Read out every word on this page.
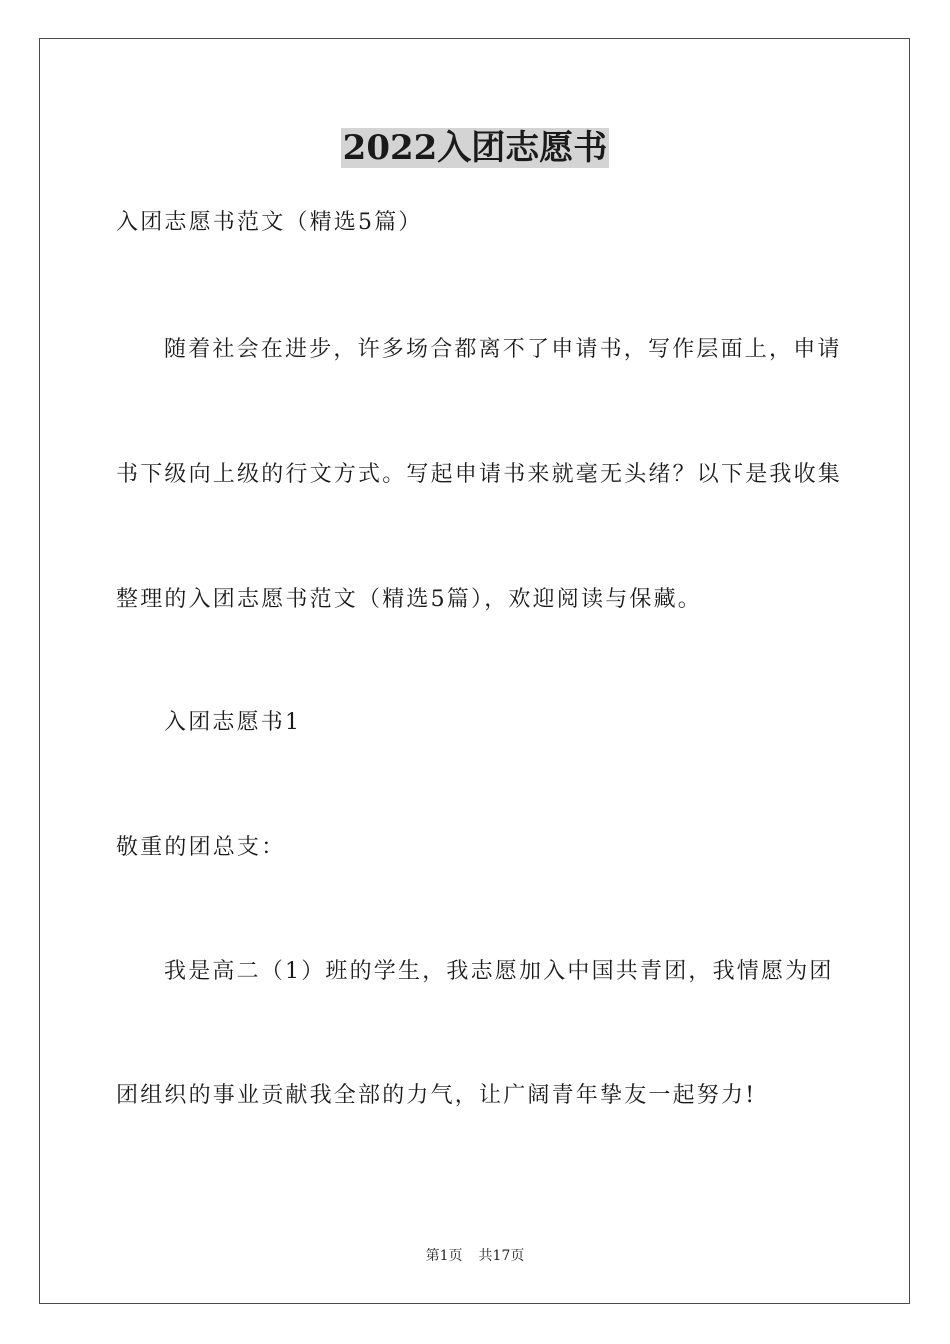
2022入团志愿书

入团志愿书范文（精选5篇）

随着社会在进步，许多场合都离不了申请书，写作层面上，申请

书下级向上级的行文方式。写起申请书来就毫无头绪？以下是我收集

整理的入团志愿书范文（精选5篇），欢迎阅读与保藏。

入团志愿书1

敬重的团总支：

我是高二（1）班的学生，我志愿加入中国共青团，我情愿为团

团组织的事业贡献我全部的力气，让广阔青年挚友一起努力!

第1页 共17页
